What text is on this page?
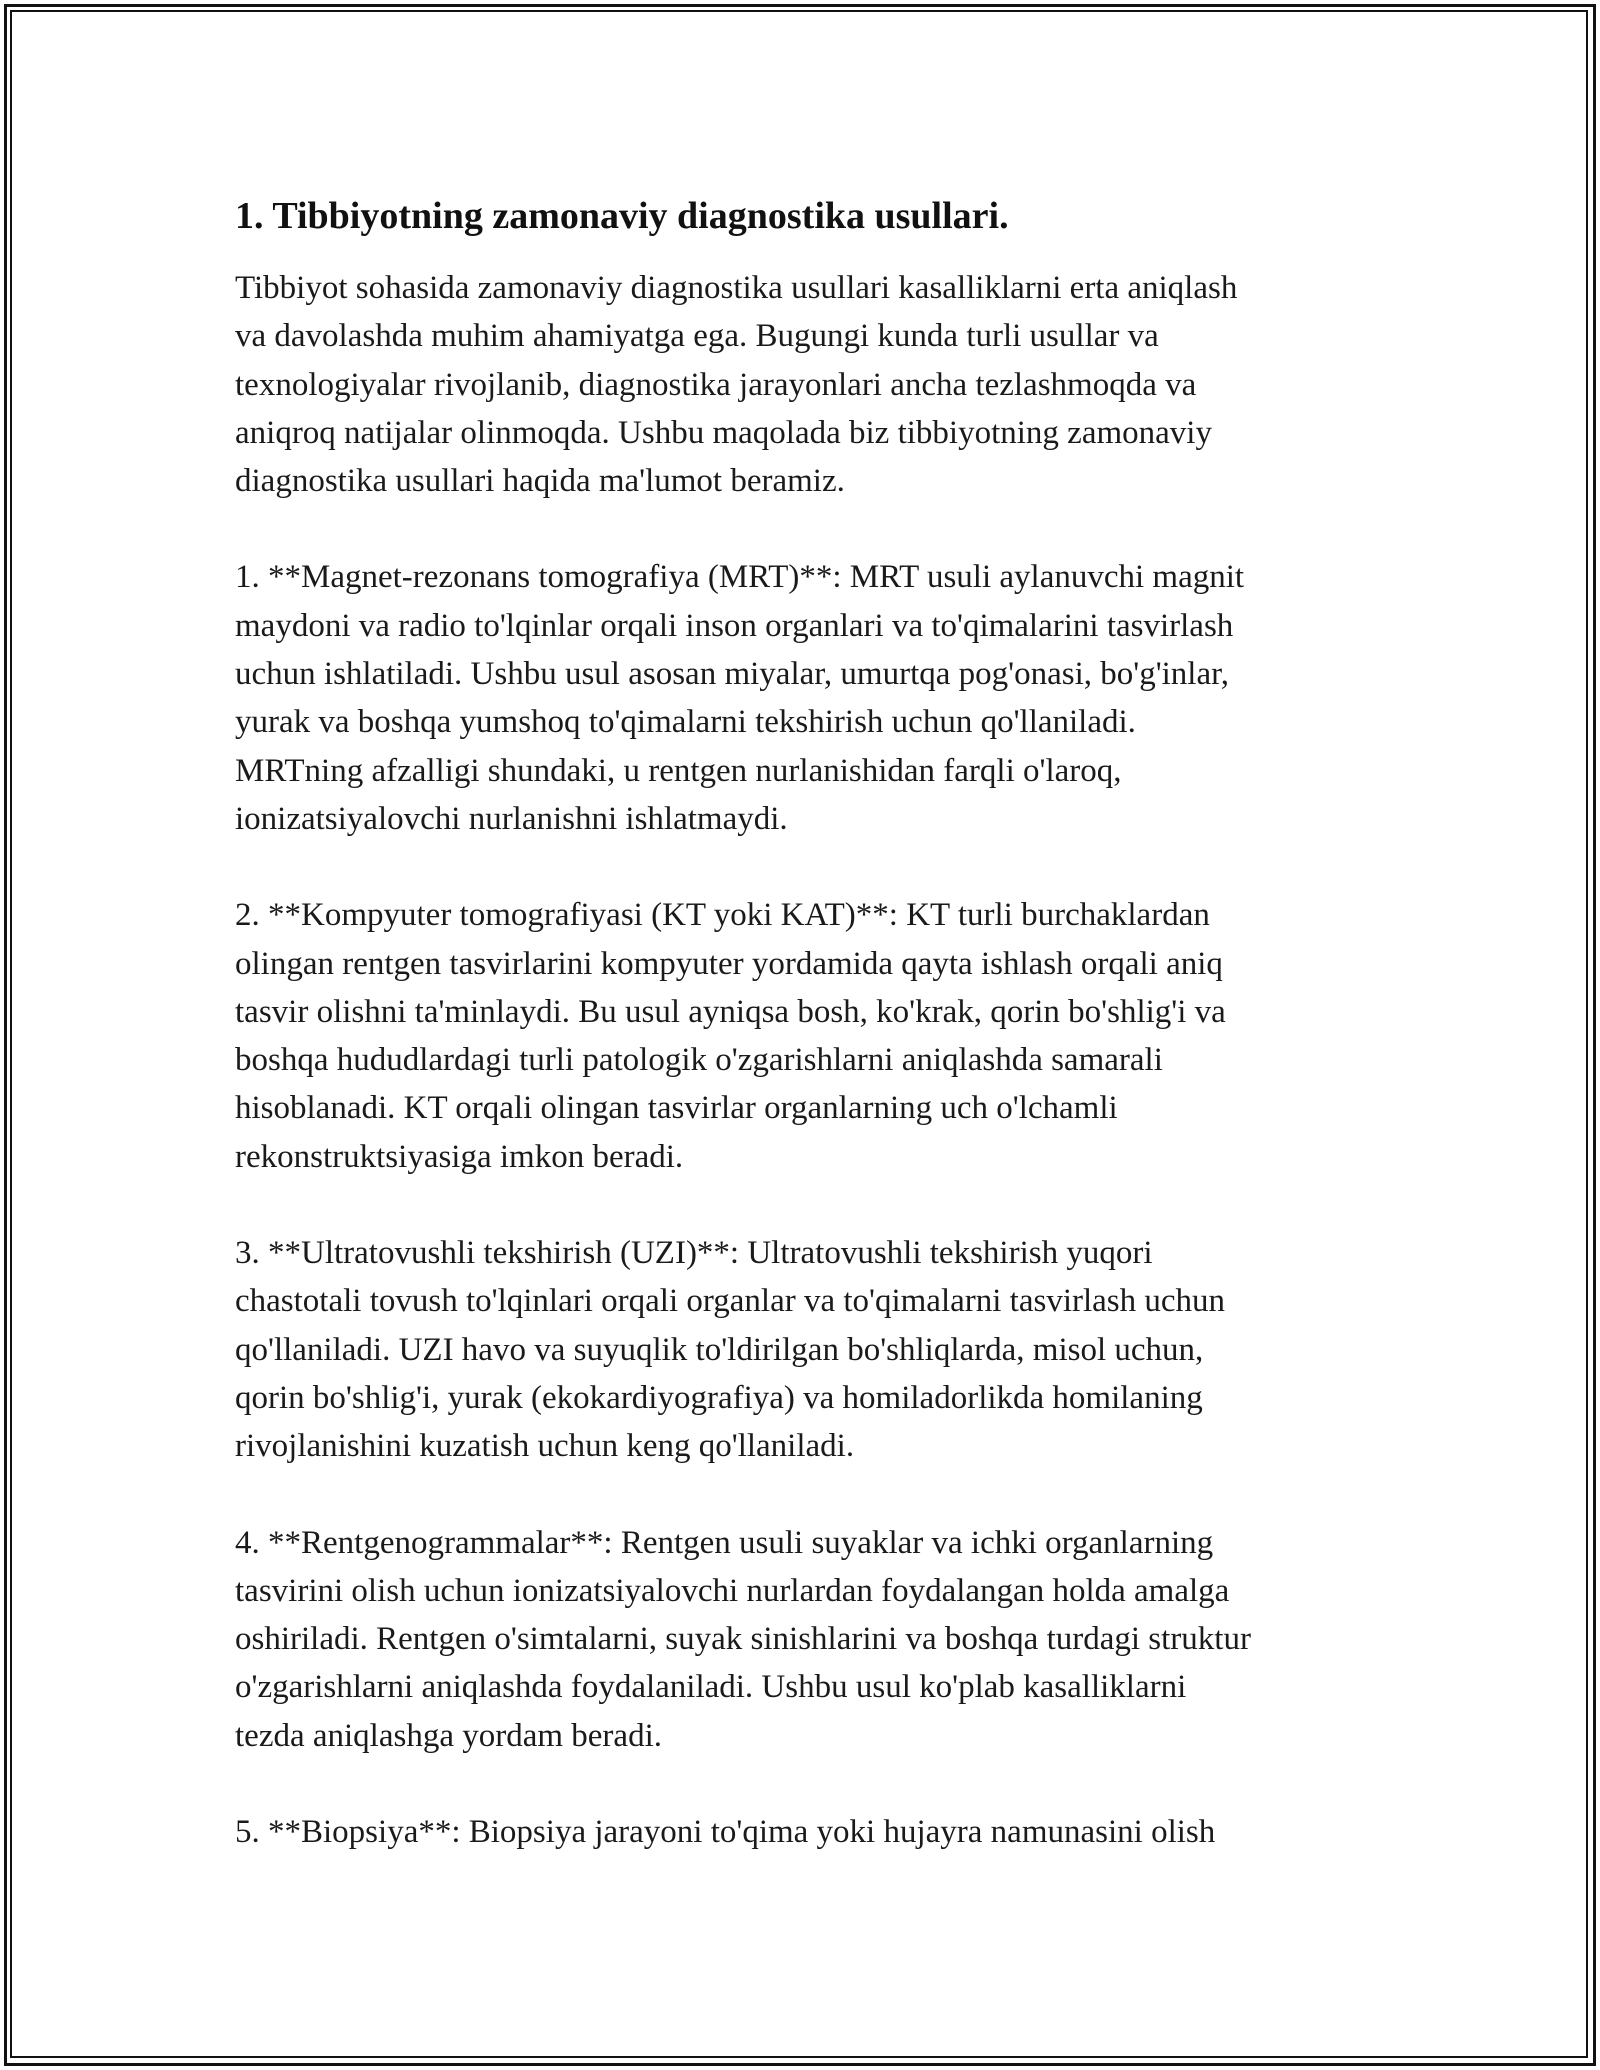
1. Tibbiyotning zamonaviy diagnostika usullari.

Tibbiyot sohasida zamonaviy diagnostika usullari kasalliklarni erta aniqlash
va davolashda muhim ahamiyatga ega. Bugungi kunda turli usullar va
texnologiyalar rivojlanib, diagnostika jarayonlari ancha tezlashmoqda va
aniqroq natijalar olinmoqda. Ushbu maqolada biz tibbiyotning zamonaviy
diagnostika usullari haqida ma'lumot beramiz.

1. **Magnet-rezonans tomografiya (MRT)**: MRT usuli aylanuvchi magnit
maydoni va radio to'lqinlar orqali inson organlari va to'qimalarini tasvirlash
uchun ishlatiladi. Ushbu usul asosan miyalar, umurtqa pog'onasi, bo'g'inlar,
yurak va boshqa yumshoq to'qimalarni tekshirish uchun qo'llaniladi.
MRTning afzalligi shundaki, u rentgen nurlanishidan farqli o'laroq,
ionizatsiyalovchi nurlanishni ishlatmaydi.

2. **Kompyuter tomografiyasi (KT yoki KAT)**: KT turli burchaklardan
olingan rentgen tasvirlarini kompyuter yordamida qayta ishlash orqali aniq
tasvir olishni ta'minlaydi. Bu usul ayniqsa bosh, ko'krak, qorin bo'shlig'i va
boshqa hududlardagi turli patologik o'zgarishlarni aniqlashda samarali
hisoblanadi. KT orqali olingan tasvirlar organlarning uch o'lchamli
rekonstruktsiyasiga imkon beradi.

3. **Ultratovushli tekshirish (UZI)**: Ultratovushli tekshirish yuqori
chastotali tovush to'lqinlari orqali organlar va to'qimalarni tasvirlash uchun
qo'llaniladi. UZI havo va suyuqlik to'ldirilgan bo'shliqlarda, misol uchun,
qorin bo'shlig'i, yurak (ekokardiyografiya) va homiladorlikda homilaning
rivojlanishini kuzatish uchun keng qo'llaniladi.

4. **Rentgenogrammalar**: Rentgen usuli suyaklar va ichki organlarning
tasvirini olish uchun ionizatsiyalovchi nurlardan foydalangan holda amalga
oshiriladi. Rentgen o'simtalarni, suyak sinishlarini va boshqa turdagi struktur
o'zgarishlarni aniqlashda foydalaniladi. Ushbu usul ko'plab kasalliklarni
tezda aniqlashga yordam beradi.

5. **Biopsiya**: Biopsiya jarayoni to'qima yoki hujayra namunasini olish
